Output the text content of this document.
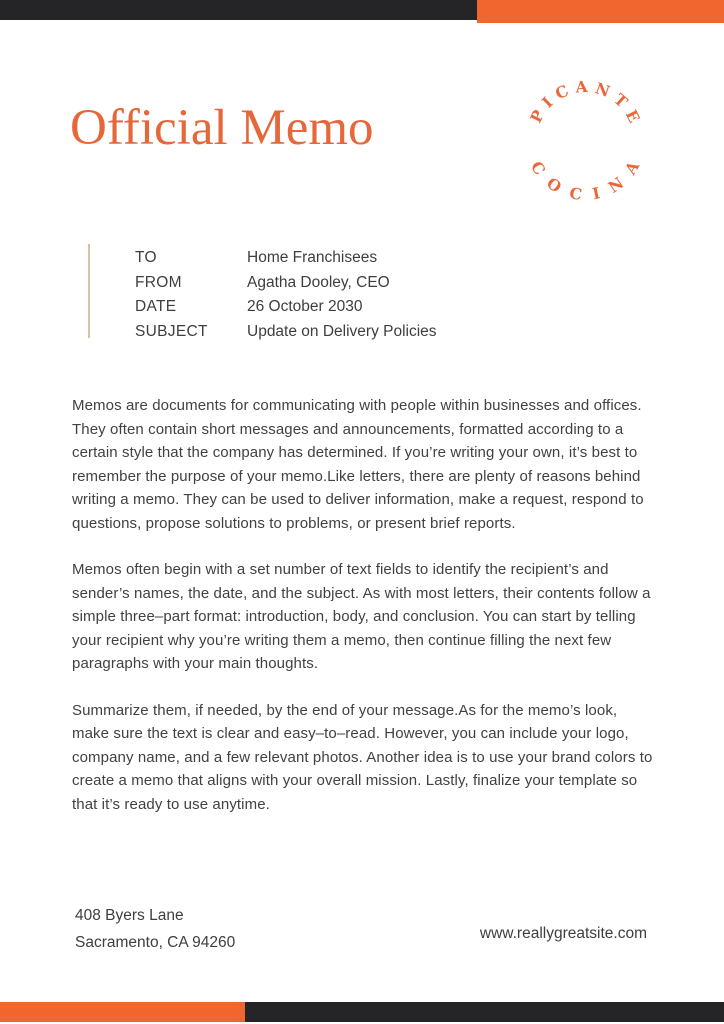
Official Memo	PICANTE
COCINA
TO	Home Franchisees
FROM	Agatha Dooley, CEO
DATE	26 October 2030
SUBJECT	Update on Delivery Policies

Memos are documents for communicating with people within businesses and offices. They often contain short messages and announcements, formatted according to a certain style that the company has determined. If you’re writing your own, it’s best to remember the purpose of your memo.Like letters, there are plenty of reasons behind writing a memo. They can be used to deliver information, make a request, respond to questions, propose solutions to problems, or present brief reports.

Memos often begin with a set number of text fields to identify the recipient’s and sender’s names, the date, and the subject. As with most letters, their contents follow a simple three–part format: introduction, body, and conclusion. You can start by telling your recipient why you’re writing them a memo, then continue filling the next few paragraphs with your main thoughts.

Summarize them, if needed, by the end of your message.As for the memo’s look, make sure the text is clear and easy–to–read. However, you can include your logo, company name, and a few relevant photos. Another idea is to use your brand colors to create a memo that aligns with your overall mission. Lastly, finalize your template so that it’s ready to use anytime.

408 Byers Lane
Sacramento, CA 94260	www.reallygreatsite.com
